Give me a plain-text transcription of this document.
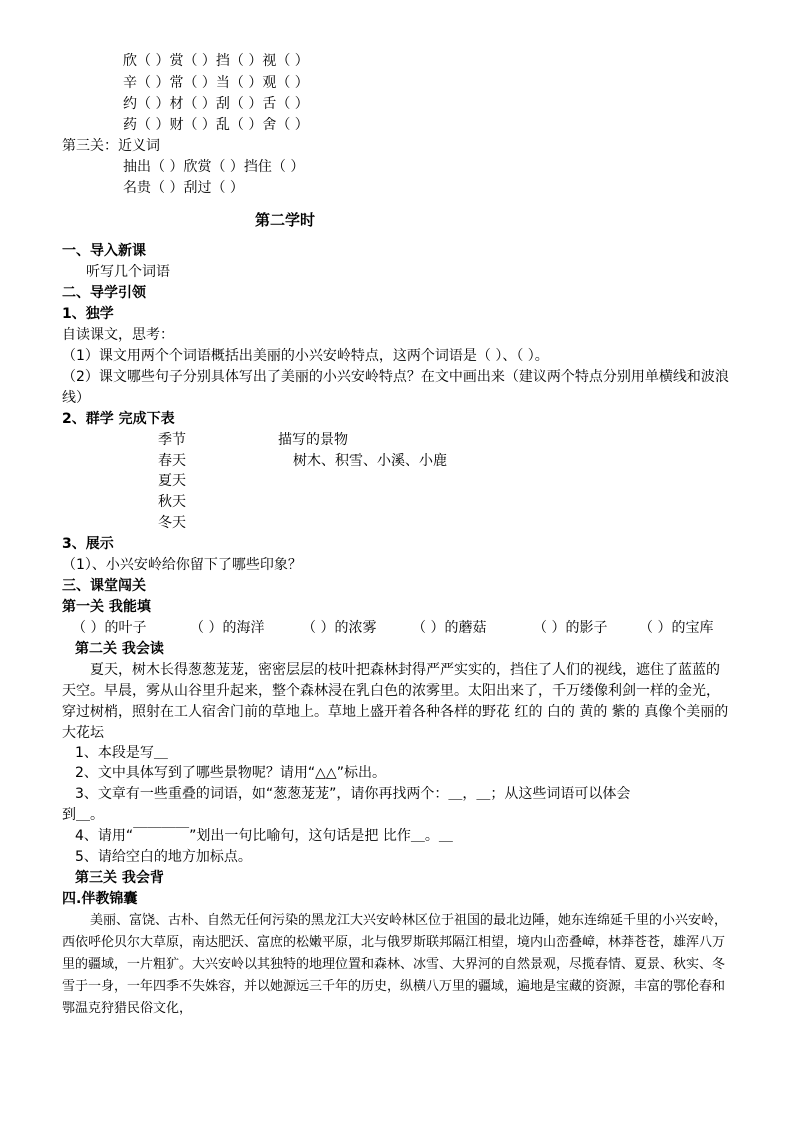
欣（ ）赏（ ）挡（ ）视（ ）
辛（ ）常（ ）当（ ）观（ ）
约（ ）材（ ）刮（ ）舌（ ）
药（ ）财（ ）乱（ ）舍（ ）
第三关：近义词
抽出（ ）欣赏（ ）挡住（ ）
名贵（ ）刮过（ ）
第二学时
一、导入新课
听写几个词语
二、导学引领
1、独学
自读课文，思考：
（1）课文用两个个词语概括出美丽的小兴安岭特点，这两个词语是（ ）、（ ）。
（2）课文哪些句子分别具体写出了美丽的小兴安岭特点？在文中画出来（建议两个特点分别用单横线和波浪线）
2、群学 完成下表
季节	描写的景物
春天	树木、积雪、小溪、小鹿
夏天
秋天
冬天
3、展示
（1）、小兴安岭给你留下了哪些印象？
三、课堂闯关
第一关 我能填
（ ）的叶子	（ ）的海洋	（ ）的浓雾	（ ）的蘑菇	（ ）的影子 （ ）的宝库
第二关 我会读
夏天，树木长得葱葱茏茏，密密层层的枝叶把森林封得严严实实的，挡住了人们的视线，遮住了蓝蓝的天空。早晨，雾从山谷里升起来，整个森林浸在乳白色的浓雾里。太阳出来了，千万缕像利剑一样的金光，穿过树梢，照射在工人宿舍门前的草地上。草地上盛开着各种各样的野花 红的 白的 黄的 紫的 真像个美丽的大花坛
1、本段是写＿
2、文中具体写到了哪些景物呢？请用“△△”标出。
3、文章有一些重叠的词语，如“葱葱茏茏”，请你再找两个：＿，＿；从这些词语可以体会
到＿。
4、请用“￣￣￣￣”划出一句比喻句，这句话是把 比作＿。＿
5、请给空白的地方加标点。
第三关 我会背
四.伴教锦囊
美丽、富饶、古朴、自然无任何污染的黑龙江大兴安岭林区位于祖国的最北边陲，她东连绵延千里的小兴安岭，西依呼伦贝尔大草原，南达肥沃、富庶的松嫩平原，北与俄罗斯联邦隔江相望，境内山峦叠嶂，林莽苍苍，雄浑八万里的疆域，一片粗犷。大兴安岭以其独特的地理位置和森林、冰雪、大界河的自然景观，尽揽春情、夏景、秋实、冬雪于一身，一年四季不失姝容，并以她源远三千年的历史，纵横八万里的疆域，遍地是宝藏的资源，丰富的鄂伦春和鄂温克狩猎民俗文化，
